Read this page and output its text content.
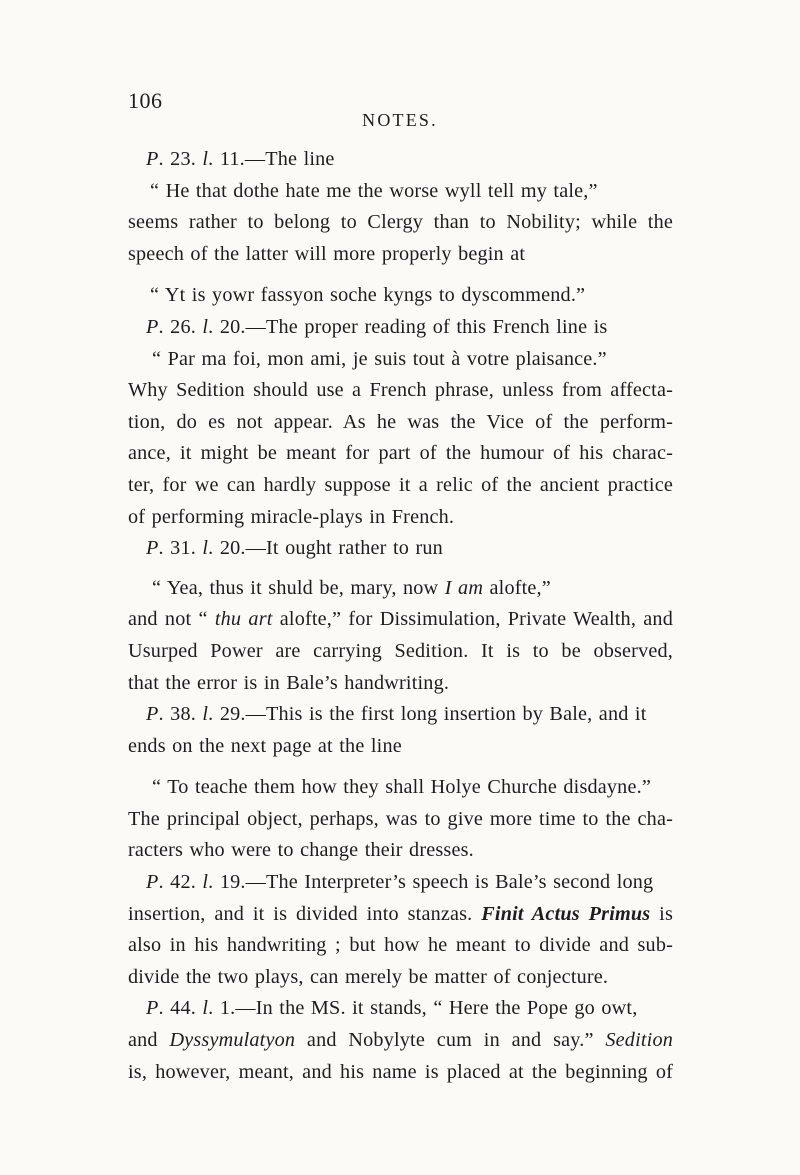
106
NOTES.
P. 23. l. 11.—The line
“ He that dothe hate me the worse wyll tell my tale,”
seems rather to belong to Clergy than to Nobility; while the
speech of the latter will more properly begin at
“ Yt is yowr fassyon soche kyngs to dyscommend.”
P. 26. l. 20.—The proper reading of this French line is
“ Par ma foi, mon ami, je suis tout à votre plaisance.”
Why Sedition should use a French phrase, unless from affecta-
tion, do es not appear. As he was the Vice of the perform-
ance, it might be meant for part of the humour of his charac-
ter, for we can hardly suppose it a relic of the ancient practice
of performing miracle-plays in French.
P. 31. l. 20.—It ought rather to run
“ Yea, thus it shuld be, mary, now I am alofte,”
and not “ thu art alofte,” for Dissimulation, Private Wealth, and
Usurped Power are carrying Sedition. It is to be observed,
that the error is in Bale’s handwriting.
P. 38. l. 29.—This is the first long insertion by Bale, and it
ends on the next page at the line
“ To teache them how they shall Holye Churche disdayne.”
The principal object, perhaps, was to give more time to the cha-
racters who were to change their dresses.
P. 42. l. 19.—The Interpreter’s speech is Bale’s second long
insertion, and it is divided into stanzas. Finit Actus Primus is
also in his handwriting ; but how he meant to divide and sub-
divide the two plays, can merely be matter of conjecture.
P. 44. l. 1.—In the MS. it stands, “ Here the Pope go owt,
and Dyssymulatyon and Nobylyte cum in and say.” Sedition
is, however, meant, and his name is placed at the beginning of
